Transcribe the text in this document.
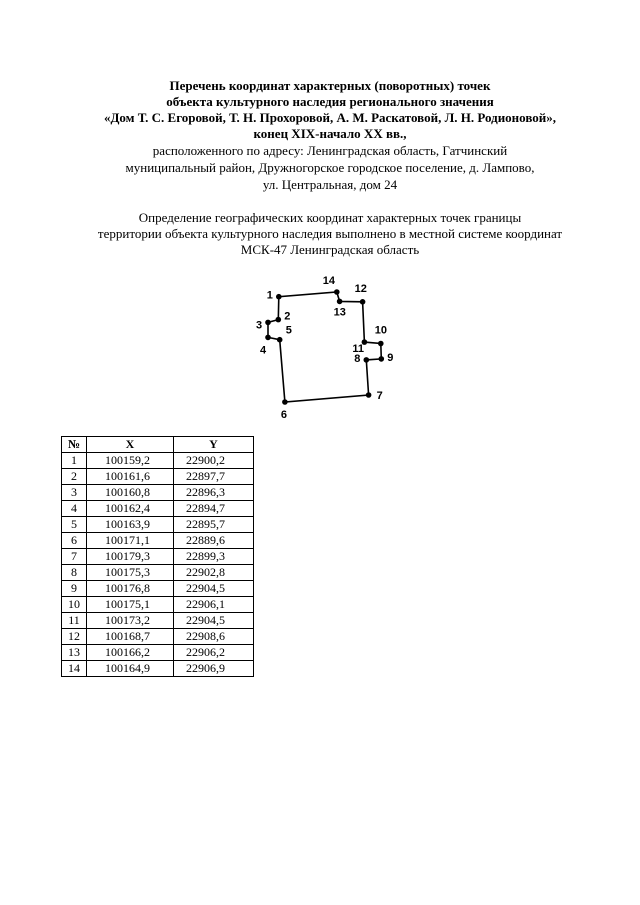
Перечень координат характерных (поворотных) точек
объекта культурного наследия регионального значения
«Дом Т. С. Егоровой, Т. Н. Прохоровой, А. М. Раскатовой, Л. Н. Родионовой»,
конец XIX-начало XX вв.,
расположенного по адресу: Ленинградская область, Гатчинский
муниципальный район, Дружногорское городское поселение, д. Лампово,
ул. Центральная, дом 24
Определение географических координат характерных точек границы
территории объекта культурного наследия выполнено в местной системе координат
МСК-47 Ленинградская область
1
2
3
4
5
6
7
8 9
10
11
12
13
14
№	X	Y
1	100159,2	22900,2
2	100161,6	22897,7
3	100160,8	22896,3
4	100162,4	22894,7
5	100163,9	22895,7
6	100171,1	22889,6
7	100179,3	22899,3
8	100175,3	22902,8
9	100176,8	22904,5
10	100175,1	22906,1
11	100173,2	22904,5
12	100168,7	22908,6
13	100166,2	22906,2
14	100164,9	22906,9
